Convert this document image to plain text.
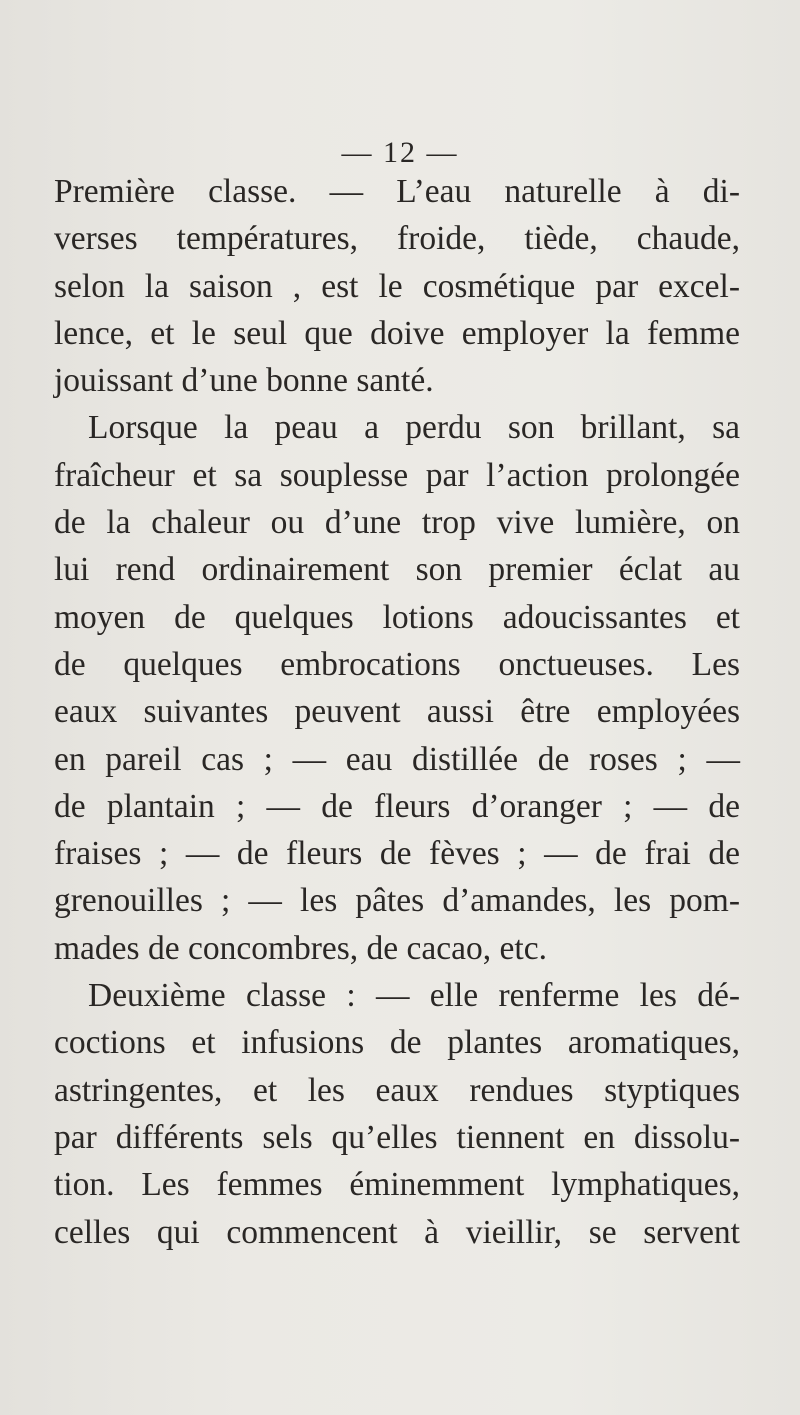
— 12 —
Première classe. — L’eau naturelle à di-
verses températures, froide, tiède, chaude,
selon la saison , est le cosmétique par excel-
lence, et le seul que doive employer la femme
jouissant d’une bonne santé.
Lorsque la peau a perdu son brillant, sa
fraîcheur et sa souplesse par l’action prolongée
de la chaleur ou d’une trop vive lumière, on
lui rend ordinairement son premier éclat au
moyen de quelques lotions adoucissantes et
de quelques embrocations onctueuses. Les
eaux suivantes peuvent aussi être employées
en pareil cas ; — eau distillée de roses ; —
de plantain ; — de fleurs d’oranger ; — de
fraises ; — de fleurs de fèves ; — de frai de
grenouilles ; — les pâtes d’amandes, les pom-
mades de concombres, de cacao, etc.
Deuxième classe : — elle renferme les dé-
coctions et infusions de plantes aromatiques,
astringentes, et les eaux rendues styptiques
par différents sels qu’elles tiennent en dissolu-
tion. Les femmes éminemment lymphatiques,
celles qui commencent à vieillir, se servent
